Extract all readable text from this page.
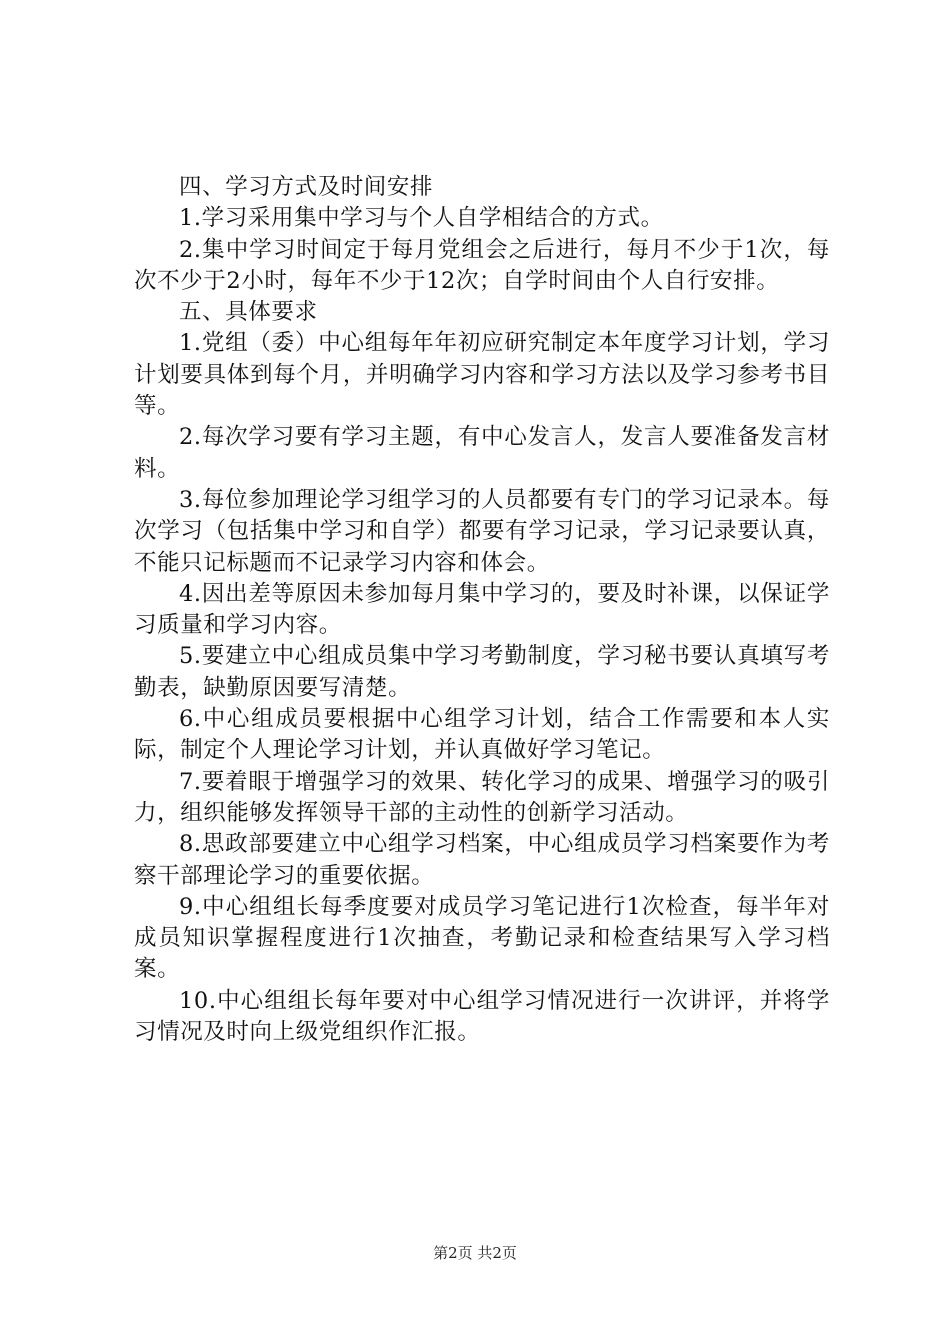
四、学习方式及时间安排

1.学习采用集中学习与个人自学相结合的方式。

2.集中学习时间定于每月党组会之后进行，每月不少于1次，每次不少于2小时，每年不少于12次；自学时间由个人自行安排。

五、具体要求

1.党组（委）中心组每年年初应研究制定本年度学习计划，学习计划要具体到每个月，并明确学习内容和学习方法以及学习参考书目等。

2.每次学习要有学习主题，有中心发言人，发言人要准备发言材料。

3.每位参加理论学习组学习的人员都要有专门的学习记录本。每次学习（包括集中学习和自学）都要有学习记录，学习记录要认真，不能只记标题而不记录学习内容和体会。

4.因出差等原因未参加每月集中学习的，要及时补课，以保证学习质量和学习内容。

5.要建立中心组成员集中学习考勤制度，学习秘书要认真填写考勤表，缺勤原因要写清楚。

6.中心组成员要根据中心组学习计划，结合工作需要和本人实际，制定个人理论学习计划，并认真做好学习笔记。

7.要着眼于增强学习的效果、转化学习的成果、增强学习的吸引力，组织能够发挥领导干部的主动性的创新学习活动。

8.思政部要建立中心组学习档案，中心组成员学习档案要作为考察干部理论学习的重要依据。

9.中心组组长每季度要对成员学习笔记进行1次检查，每半年对成员知识掌握程度进行1次抽查，考勤记录和检查结果写入学习档案。

10.中心组组长每年要对中心组学习情况进行一次讲评，并将学习情况及时向上级党组织作汇报。

第2页 共2页
